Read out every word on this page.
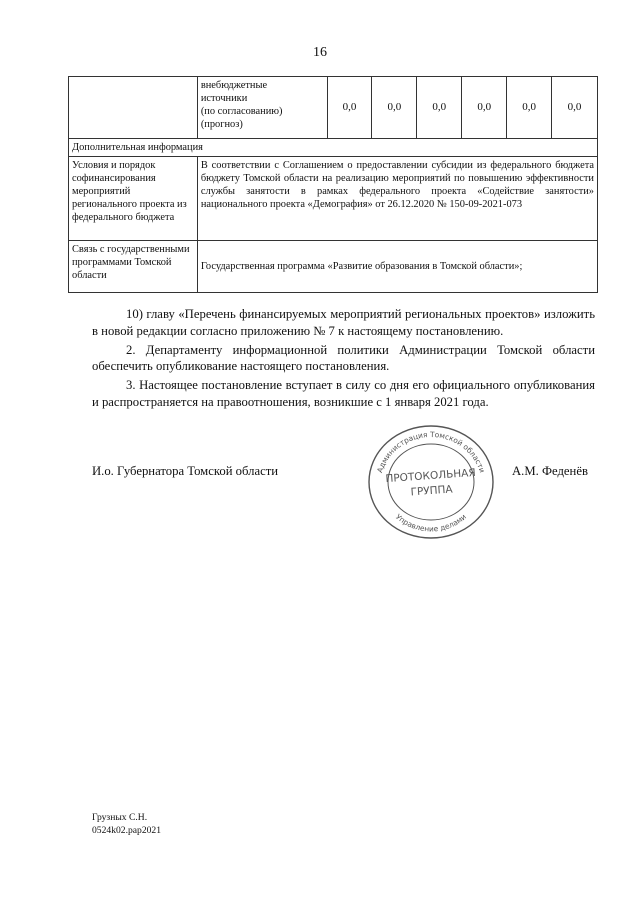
16
	внебюджетные
источники
(по согласованию)
(прогноз)	0,0	0,0	0,0	0,0	0,0	0,0
Дополнительная информация							
Условия и порядок софинансирования мероприятий регионального проекта из федерального бюджета	В соответствии с Соглашением о предоставлении субсидии из федерального бюджета бюджету Томской области на реализацию мероприятий по повышению эффективности службы занятости в рамках федерального проекта «Содействие занятости» национального проекта «Демография» от 26.12.2020 № 150-09-2021-073						
Связь с государственными программами Томской области	Государственная программа «Развитие образования в Томской области»;						

10) главу «Перечень финансируемых мероприятий региональных проектов» изложить в новой редакции согласно приложению № 7 к настоящему постановлению.

2. Департаменту информационной политики Администрации Томской области обеспечить опубликование настоящего постановления.

3. Настоящее постановление вступает в силу со дня его официального опубликования и распространяется на правоотношения, возникшие с 1 января 2021 года.

И.о. Губернатора Томской области	А.М. Феденёв
Администрация Томской области
Управление делами
ПРОТОКОЛЬНАЯ
ГРУППА
Грузных С.Н.
0524k02.pap2021
